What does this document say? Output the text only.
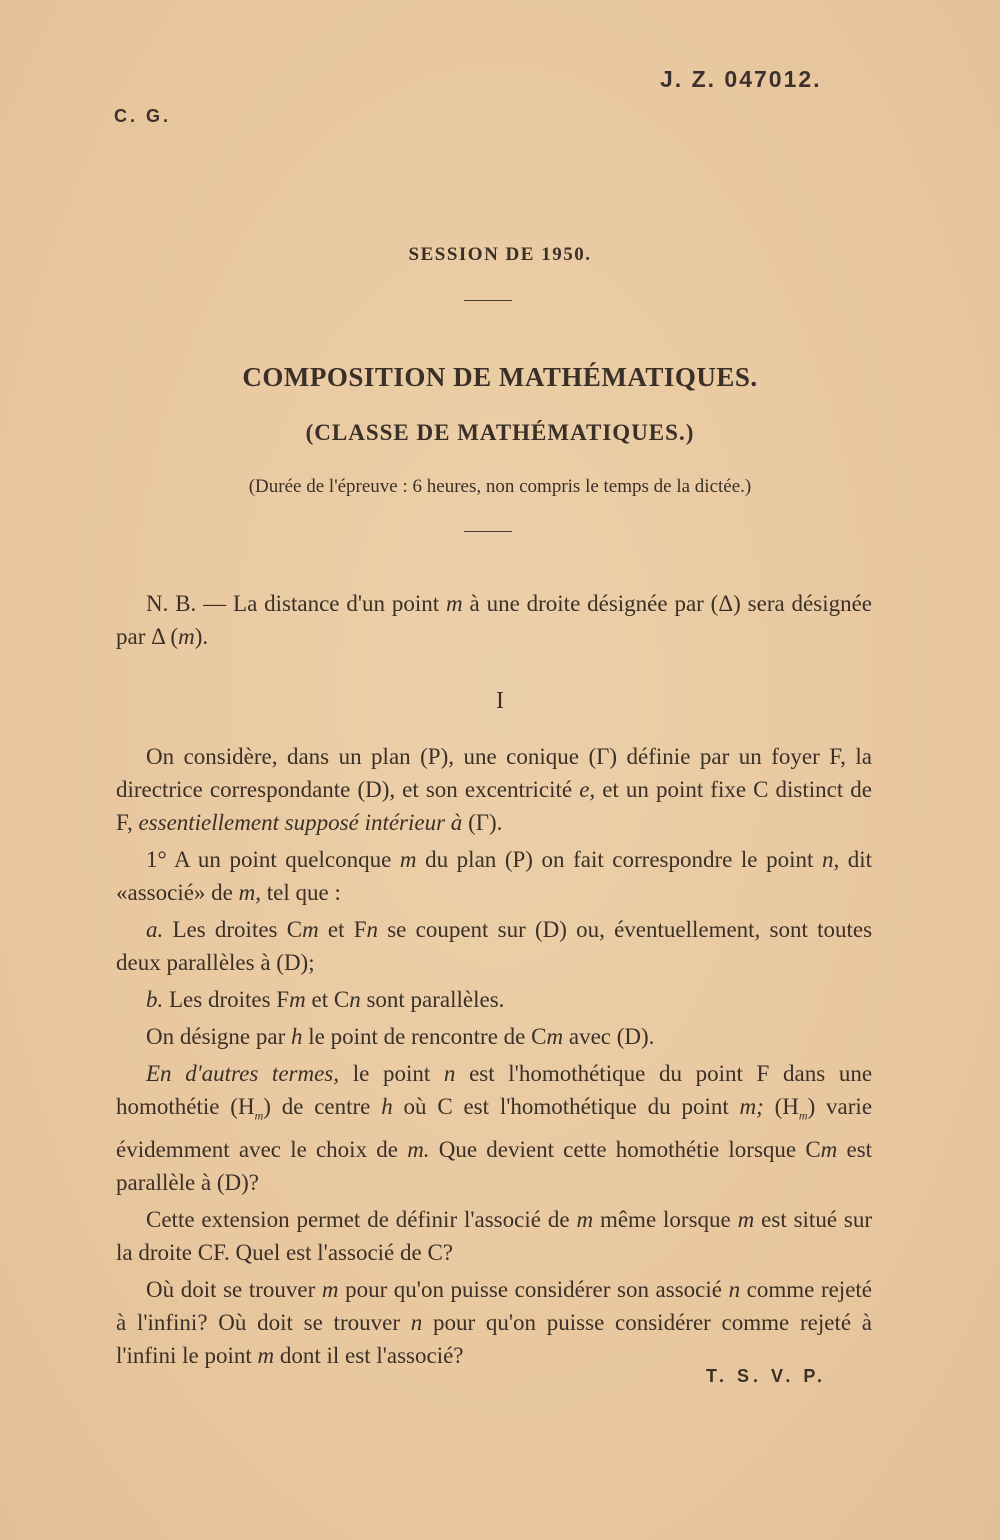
J. Z. 047012.
C. G.
SESSION DE 1950.
COMPOSITION DE MATHÉMATIQUES.
(CLASSE DE MATHÉMATIQUES.)
(Durée de l'épreuve : 6 heures, non compris le temps de la dictée.)

N. B. — La distance d'un point m à une droite désignée par (Δ) sera désignée par Δ (m).

I

On considère, dans un plan (P), une conique (Γ) définie par un foyer F, la directrice correspondante (D), et son excentricité e, et un point fixe C distinct de F, essentiellement supposé intérieur à (Γ).

1° A un point quelconque m du plan (P) on fait correspondre le point n, dit «associé» de m, tel que :

a. Les droites Cm et Fn se coupent sur (D) ou, éventuellement, sont toutes deux parallèles à (D);

b. Les droites Fm et Cn sont parallèles.

On désigne par h le point de rencontre de Cm avec (D).

En d'autres termes, le point n est l'homothétique du point F dans une homothétie $(H_m)$ de centre h où C est l'homothétique du point m; $(H_m)$ varie évidemment avec le choix de m. Que devient cette homothétie lorsque Cm est parallèle à (D)?

Cette extension permet de définir l'associé de m même lorsque m est situé sur la droite CF. Quel est l'associé de C?

Où doit se trouver m pour qu'on puisse considérer son associé n comme rejeté à l'infini? Où doit se trouver n pour qu'on puisse considérer comme rejeté à l'infini le point m dont il est l'associé?

T. S. V. P.
